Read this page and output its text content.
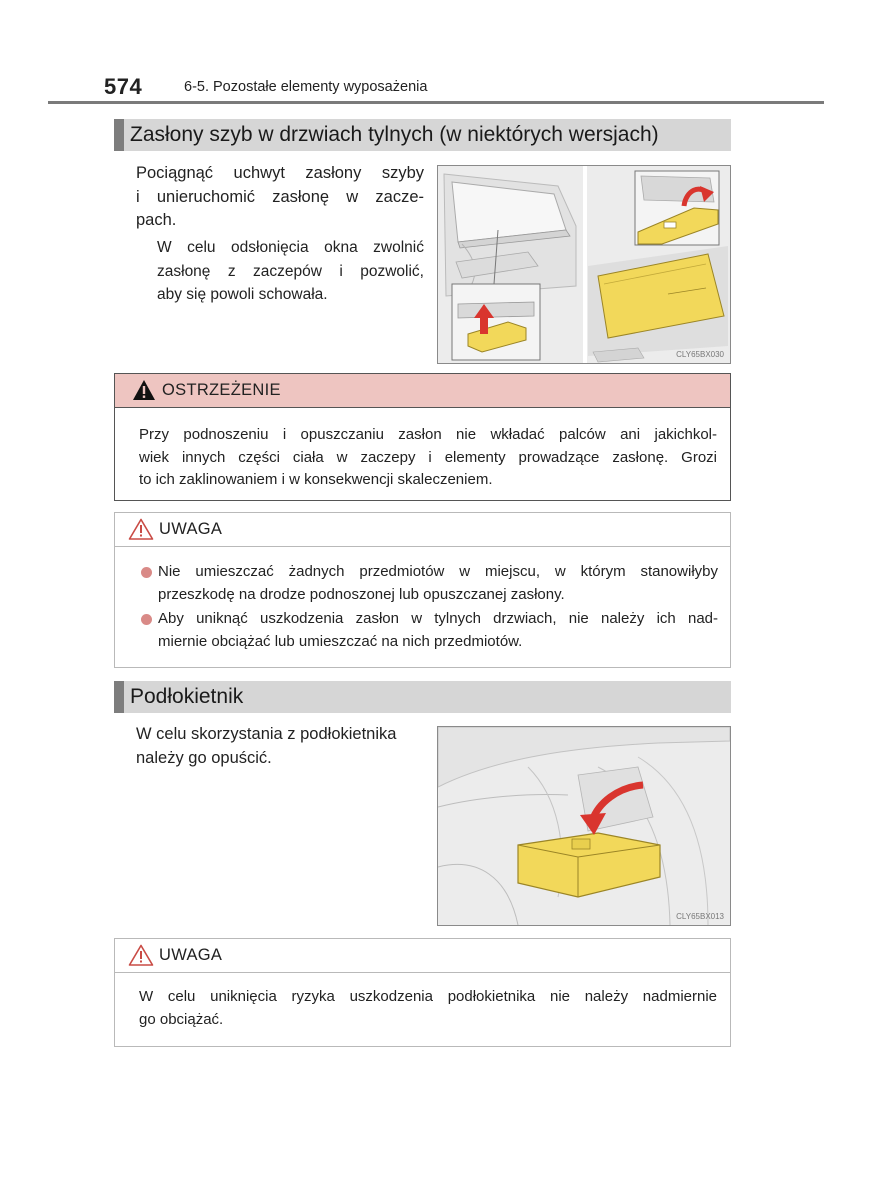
574	6-5. Pozostałe elementy wyposażenia
Zasłony szyb w drzwiach tylnych (w niektórych wersjach)
Pociągnąć uchwyt zasłony szyby
i unieruchomić zasłonę w zacze-
pach.
W celu odsłonięcia okna zwolnić
zasłonę z zaczepów i pozwolić,
aby się powoli schowała.
CLY65BX030
OSTRZEŻENIE
Przy podnoszeniu i opuszczaniu zasłon nie wkładać palców ani jakichkol-
wiek innych części ciała w zaczepy i elementy prowadzące zasłonę. Grozi
to ich zaklinowaniem i w konsekwencji skaleczeniem.
UWAGA
Nie umieszczać żadnych przedmiotów w miejscu, w którym stanowiłyby
przeszkodę na drodze podnoszonej lub opuszczanej zasłony.
Aby uniknąć uszkodzenia zasłon w tylnych drzwiach, nie należy ich nad-
miernie obciążać lub umieszczać na nich przedmiotów.
Podłokietnik
W celu skorzystania z podłokietnika
należy go opuścić.
CLY65BX013
UWAGA
W celu uniknięcia ryzyka uszkodzenia podłokietnika nie należy nadmiernie
go obciążać.
